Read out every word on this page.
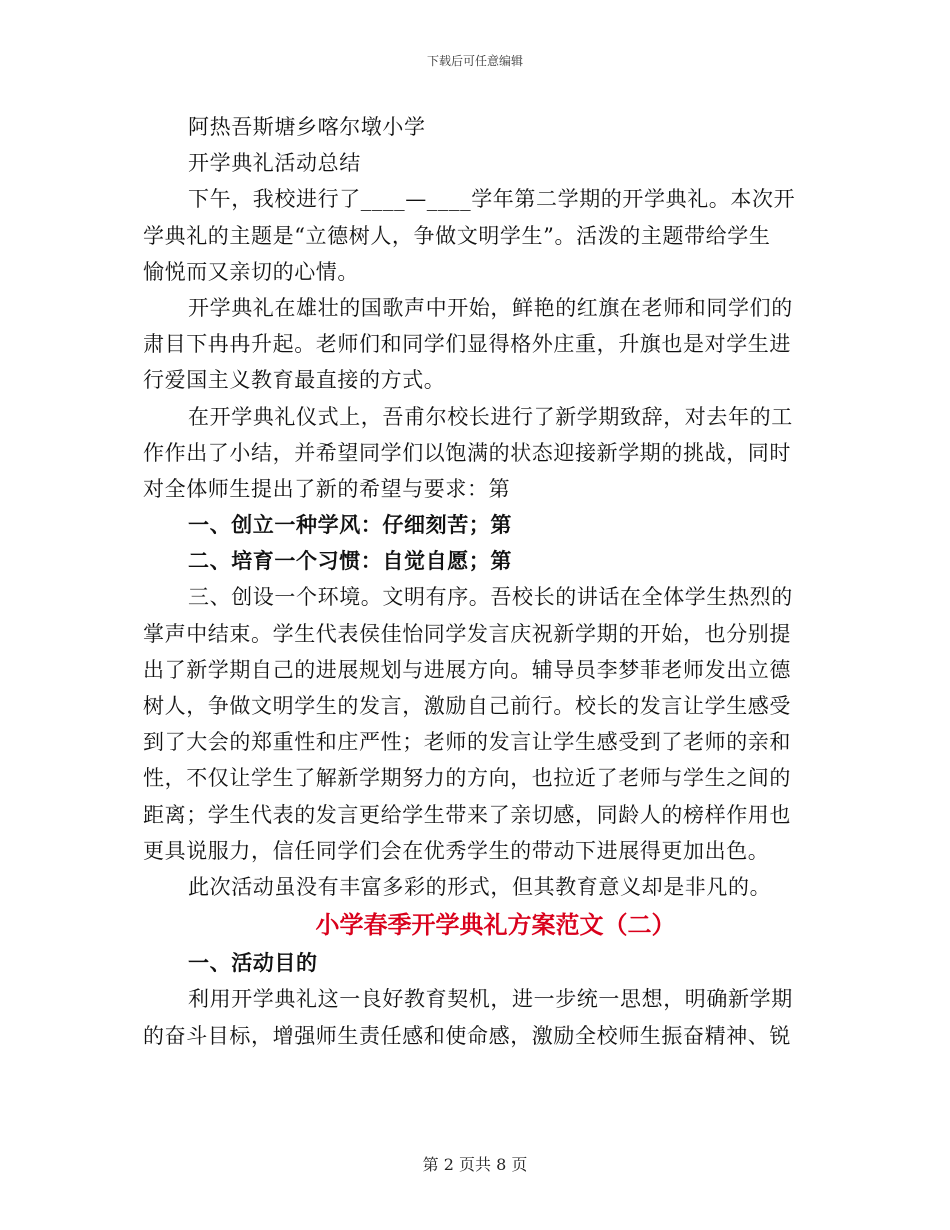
下载后可任意编辑
阿热吾斯塘乡喀尔墩小学
开学典礼活动总结
下午，我校进行了____—____学年第二学期的开学典礼。本次开
学典礼的主题是“立德树人，争做文明学生”。活泼的主题带给学生
愉悦而又亲切的心情。
开学典礼在雄壮的国歌声中开始，鲜艳的红旗在老师和同学们的
肃目下冉冉升起。老师们和同学们显得格外庄重，升旗也是对学生进
行爱国主义教育最直接的方式。
在开学典礼仪式上，吾甫尔校长进行了新学期致辞，对去年的工
作作出了小结，并希望同学们以饱满的状态迎接新学期的挑战，同时
对全体师生提出了新的希望与要求：第
一、创立一种学风：仔细刻苦；第
二、培育一个习惯：自觉自愿；第
三、创设一个环境。文明有序。吾校长的讲话在全体学生热烈的
掌声中结束。学生代表侯佳怡同学发言庆祝新学期的开始，也分别提
出了新学期自己的进展规划与进展方向。辅导员李梦菲老师发出立德
树人，争做文明学生的发言，激励自己前行。校长的发言让学生感受
到了大会的郑重性和庄严性；老师的发言让学生感受到了老师的亲和
性，不仅让学生了解新学期努力的方向，也拉近了老师与学生之间的
距离；学生代表的发言更给学生带来了亲切感，同龄人的榜样作用也
更具说服力，信任同学们会在优秀学生的带动下进展得更加出色。
此次活动虽没有丰富多彩的形式，但其教育意义却是非凡的。
小学春季开学典礼方案范文（二）
一、活动目的
利用开学典礼这一良好教育契机，进一步统一思想，明确新学期
的奋斗目标，增强师生责任感和使命感，激励全校师生振奋精神、锐
第 2 页共 8 页
